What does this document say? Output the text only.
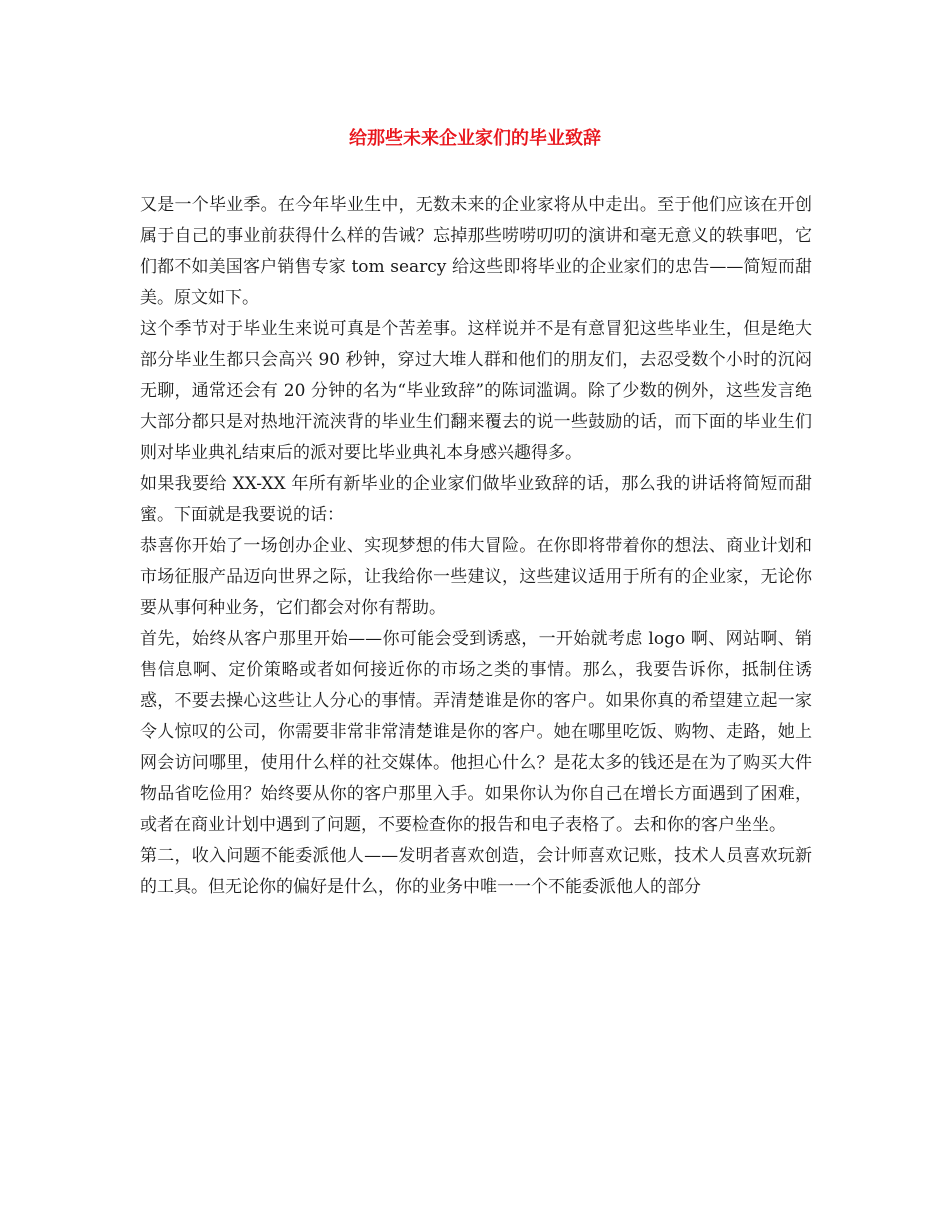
给那些未来企业家们的毕业致辞

又是一个毕业季。在今年毕业生中，无数未来的企业家将从中走出。至于他们应该在开创属于自己的事业前获得什么样的告诫？忘掉那些唠唠叨叨的演讲和毫无意义的轶事吧，它们都不如美国客户销售专家 tom searcy 给这些即将毕业的企业家们的忠告——简短而甜美。原文如下。

这个季节对于毕业生来说可真是个苦差事。这样说并不是有意冒犯这些毕业生，但是绝大部分毕业生都只会高兴 90 秒钟，穿过大堆人群和他们的朋友们，去忍受数个小时的沉闷无聊，通常还会有 20 分钟的名为“毕业致辞”的陈词滥调。除了少数的例外，这些发言绝大部分都只是对热地汗流浃背的毕业生们翻来覆去的说一些鼓励的话，而下面的毕业生们则对毕业典礼结束后的派对要比毕业典礼本身感兴趣得多。

如果我要给 XX-XX 年所有新毕业的企业家们做毕业致辞的话，那么我的讲话将简短而甜蜜。下面就是我要说的话：

恭喜你开始了一场创办企业、实现梦想的伟大冒险。在你即将带着你的想法、商业计划和市场征服产品迈向世界之际，让我给你一些建议，这些建议适用于所有的企业家，无论你要从事何种业务，它们都会对你有帮助。

首先，始终从客户那里开始——你可能会受到诱惑，一开始就考虑 logo 啊、网站啊、销售信息啊、定价策略或者如何接近你的市场之类的事情。那么，我要告诉你，抵制住诱惑，不要去操心这些让人分心的事情。弄清楚谁是你的客户。如果你真的希望建立起一家令人惊叹的公司，你需要非常非常清楚谁是你的客户。她在哪里吃饭、购物、走路，她上网会访问哪里，使用什么样的社交媒体。他担心什么？是花太多的钱还是在为了购买大件物品省吃俭用？始终要从你的客户那里入手。如果你认为你自己在增长方面遇到了困难，或者在商业计划中遇到了问题，不要检查你的报告和电子表格了。去和你的客户坐坐。

第二，收入问题不能委派他人——发明者喜欢创造，会计师喜欢记账，技术人员喜欢玩新的工具。但无论你的偏好是什么，你的业务中唯一一个不能委派他人的部分
